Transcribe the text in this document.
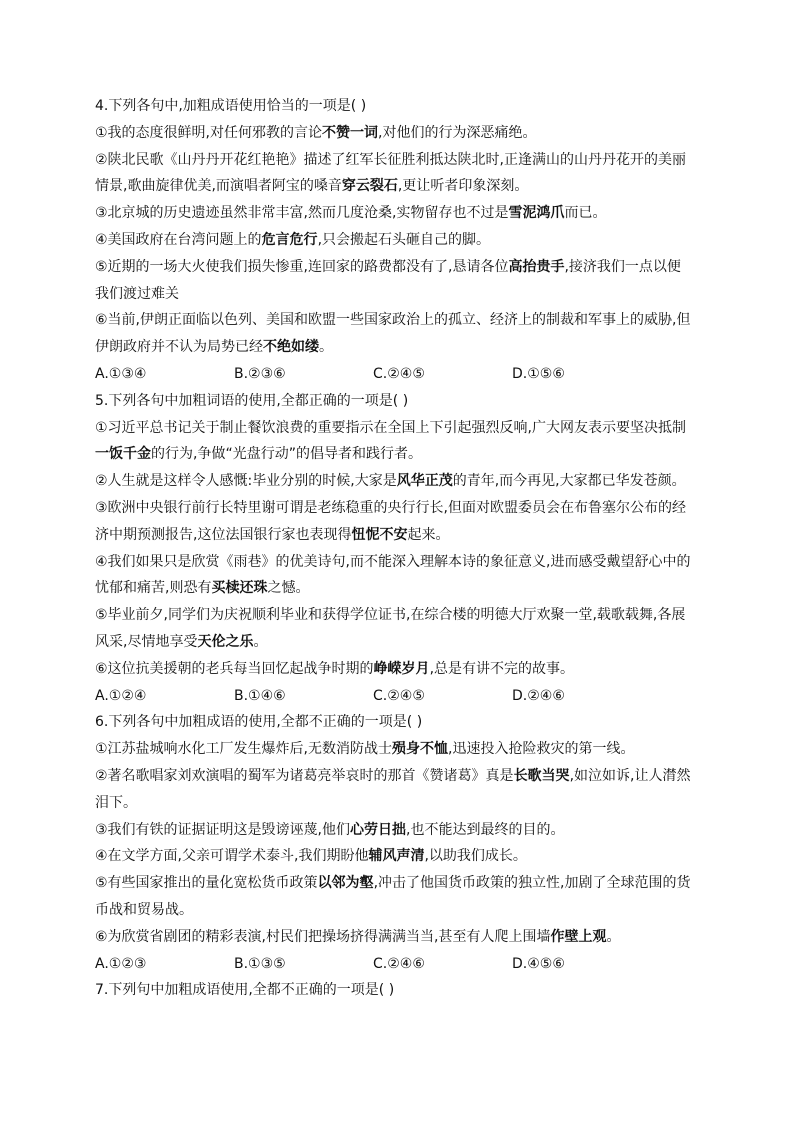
4.下列各句中,加粗成语使用恰当的一项是( )

①我的态度很鲜明,对任何邪教的言论不赞一词,对他们的行为深恶痛绝。

②陕北民歌《山丹丹开花红艳艳》描述了红军长征胜利抵达陕北时,正逢满山的山丹丹花开的美丽

情景,歌曲旋律优美,而演唱者阿宝的嗓音穿云裂石,更让听者印象深刻。

③北京城的历史遗迹虽然非常丰富,然而几度沧桑,实物留存也不过是雪泥鸿爪而已。

④美国政府在台湾问题上的危言危行,只会搬起石头砸自己的脚。

⑤近期的一场大火使我们损失惨重,连回家的路费都没有了,恳请各位高抬贵手,接济我们一点以便

我们渡过难关

⑥当前,伊朗正面临以色列、美国和欧盟一些国家政治上的孤立、经济上的制裁和军事上的威胁,但

伊朗政府并不认为局势已经不绝如缕。

A.①③④	B.②③⑥	C.②④⑤	D.①⑤⑥

5.下列各句中加粗词语的使用,全都正确的一项是( )

①习近平总书记关于制止餐饮浪费的重要指示在全国上下引起强烈反响,广大网友表示要坚决抵制

一饭千金的行为,争做“光盘行动”的倡导者和践行者。

②人生就是这样令人感慨:毕业分别的时候,大家是风华正茂的青年,而今再见,大家都已华发苍颜。

③欧洲中央银行前行长特里谢可谓是老练稳重的央行行长,但面对欧盟委员会在布鲁塞尔公布的经

济中期预测报告,这位法国银行家也表现得忸怩不安起来。

④我们如果只是欣赏《雨巷》的优美诗句,而不能深入理解本诗的象征意义,进而感受戴望舒心中的

忧郁和痛苦,则恐有买椟还珠之憾。

⑤毕业前夕,同学们为庆祝顺利毕业和获得学位证书,在综合楼的明德大厅欢聚一堂,载歌载舞,各展

风采,尽情地享受天伦之乐。

⑥这位抗美援朝的老兵每当回忆起战争时期的峥嵘岁月,总是有讲不完的故事。

A.①②④	B.①④⑥	C.②④⑤	D.②④⑥

6.下列各句中加粗成语的使用,全都不正确的一项是( )

①江苏盐城响水化工厂发生爆炸后,无数消防战士殒身不恤,迅速投入抢险救灾的第一线。

②著名歌唱家刘欢演唱的蜀军为诸葛亮举哀时的那首《赞诸葛》真是长歌当哭,如泣如诉,让人潸然

泪下。

③我们有铁的证据证明这是毁谤诬蔑,他们心劳日拙,也不能达到最终的目的。

④在文学方面,父亲可谓学术泰斗,我们期盼他辅风声清,以助我们成长。

⑤有些国家推出的量化宽松货币政策以邻为壑,冲击了他国货币政策的独立性,加剧了全球范围的货

币战和贸易战。

⑥为欣赏省剧团的精彩表演,村民们把操场挤得满满当当,甚至有人爬上围墙作壁上观。

A.①②③	B.①③⑤	C.②④⑥	D.④⑤⑥

7.下列句中加粗成语使用,全都不正确的一项是( )
